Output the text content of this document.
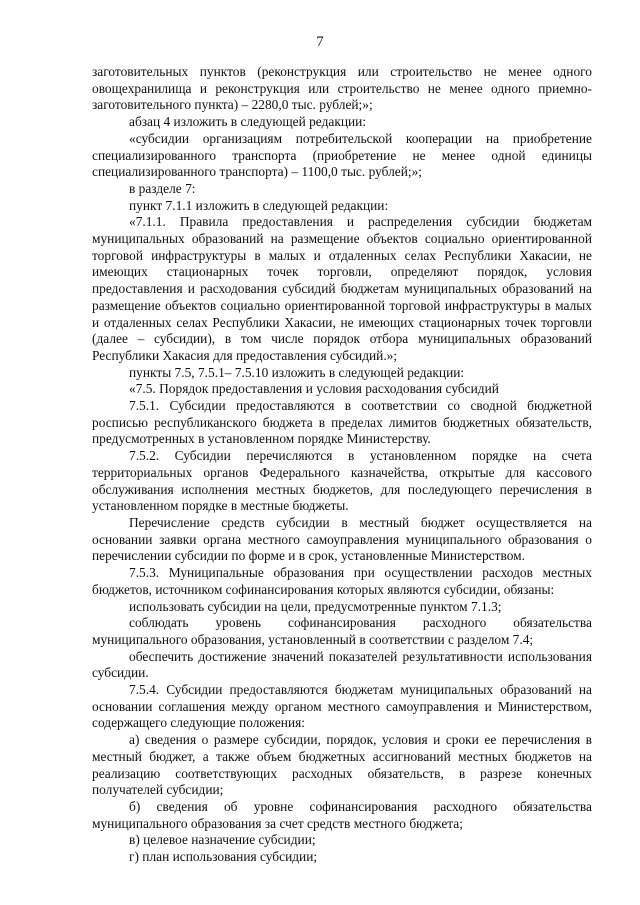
7

заготовительных пунктов (реконструкция или строительство не менее одного овощехранилища и реконструкция или строительство не менее одного приемно-заготовительного пункта) – 2280,0 тыс. рублей;»;

абзац 4 изложить в следующей редакции:

«субсидии организациям потребительской кооперации на приобретение специализированного транспорта (приобретение не менее одной единицы специализированного транспорта) – 1100,0 тыс. рублей;»;

в разделе 7:

пункт 7.1.1 изложить в следующей редакции:

«7.1.1. Правила предоставления и распределения субсидии бюджетам муниципальных образований на размещение объектов социально ориентированной торговой инфраструктуры в малых и отдаленных селах Республики Хакасии, не имеющих стационарных точек торговли, определяют порядок, условия предоставления и расходования субсидий бюджетам муниципальных образований на размещение объектов социально ориентированной торговой инфраструктуры в малых и отдаленных селах Республики Хакасии, не имеющих стационарных точек торговли (далее – субсидии), в том числе порядок отбора муниципальных образований Республики Хакасия для предоставления субсидий.»;

пункты 7.5, 7.5.1– 7.5.10 изложить в следующей редакции:

«7.5. Порядок предоставления и условия расходования субсидий

7.5.1. Субсидии предоставляются в соответствии со сводной бюджетной росписью республиканского бюджета в пределах лимитов бюджетных обязательств, предусмотренных в установленном порядке Министерству.

7.5.2. Субсидии перечисляются в установленном порядке на счета территориальных органов Федерального казначейства, открытые для кассового обслуживания исполнения местных бюджетов, для последующего перечисления в установленном порядке в местные бюджеты.

Перечисление средств субсидии в местный бюджет осуществляется на основании заявки органа местного самоуправления муниципального образования о перечислении субсидии по форме и в срок, установленные Министерством.

7.5.3. Муниципальные образования при осуществлении расходов местных бюджетов, источником софинансирования которых являются субсидии, обязаны:

использовать субсидии на цели, предусмотренные пунктом 7.1.3;

соблюдать уровень софинансирования расходного обязательства муниципального образования, установленный в соответствии с разделом 7.4;

обеспечить достижение значений показателей результативности использования субсидии.

7.5.4. Субсидии предоставляются бюджетам муниципальных образований на основании соглашения между органом местного самоуправления и Министерством, содержащего следующие положения:

а) сведения о размере субсидии, порядок, условия и сроки ее перечисления в местный бюджет, а также объем бюджетных ассигнований местных бюджетов на реализацию соответствующих расходных обязательств, в разрезе конечных получателей субсидии;

б) сведения об уровне софинансирования расходного обязательства муниципального образования за счет средств местного бюджета;

в) целевое назначение субсидии;

г) план использования субсидии;
